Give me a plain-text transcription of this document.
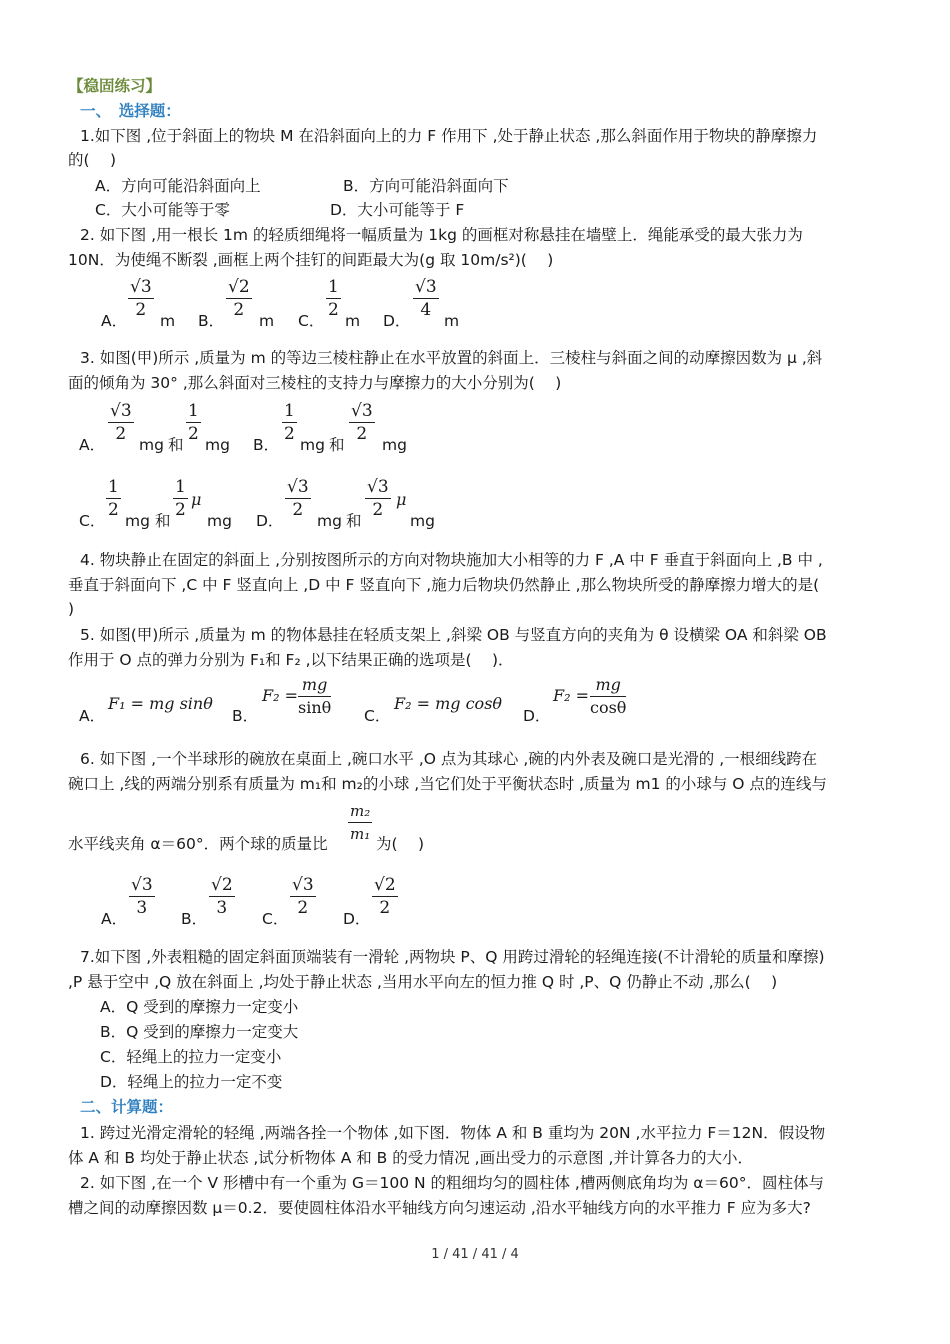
【稳固练习】
一、　选择题：
1.如下图 ,位于斜面上的物块 M 在沿斜面向上的力 F 作用下 ,处于静止状态 ,那么斜面作用于物块的静摩擦力
的(　 )
A．方向可能沿斜面向上	B．方向可能沿斜面向下
C．大小可能等于零	D．大小可能等于 F
2. 如下图 ,用一根长 1m 的轻质细绳将一幅质量为 1kg 的画框对称悬挂在墙壁上．绳能承受的最大张力为
10N．为使绳不断裂 ,画框上两个挂钉的间距最大为(g 取 10m/s²)(　 )
A． $\frac{√3}{2}$ m B． $\frac{√2}{2}$ m C． $\frac{1}{2}$ m D． $\frac{√3}{4}$ m
3. 如图(甲)所示 ,质量为 m 的等边三棱柱静止在水平放置的斜面上．三棱柱与斜面之间的动摩擦因数为 μ ,斜
面的倾角为 30° ,那么斜面对三棱柱的支持力与摩擦力的大小分别为(　 )
A． $\frac{√3}{2}$ mg 和 $\frac{1}{2}$ mg B． $\frac{1}{2}$ mg 和 $\frac{√3}{2}$ mg
C． $\frac{1}{2}$ mg 和 $\frac{1}{2}$ μ
mg D． $\frac{√3}{2}$ mg 和 $\frac{√3}{2}$ μ
mg
4. 物块静止在固定的斜面上 ,分别按图所示的方向对物块施加大小相等的力 F ,A 中 F 垂直于斜面向上 ,B 中 ,
垂直于斜面向下 ,C 中 F 竖直向上 ,D 中 F 竖直向下 ,施力后物块仍然静止 ,那么物块所受的静摩擦力增大的是(
)
5. 如图(甲)所示 ,质量为 m 的物体悬挂在轻质支架上 ,斜梁 OB 与竖直方向的夹角为 θ 设横梁 OA 和斜梁 OB
作用于 O 点的弹力分别为 F₁和 F₂ ,以下结果正确的选项是(　 )．
A．
F₁ = mg sinθ
B．
$F_2 = \frac{mg}{\sin\theta}$ C．
F₂ = mg cosθ
D．
$F_2 = \frac{mg}{\cos\theta}$
6. 如下图 ,一个半球形的碗放在桌面上 ,碗口水平 ,O 点为其球心 ,碗的内外表及碗口是光滑的 ,一根细线跨在
碗口上 ,线的两端分别系有质量为 m₁和 m₂的小球 ,当它们处于平衡状态时 ,质量为 m1 的小球与 O 点的连线与
水平线夹角 α＝60°．两个球的质量比 $\frac{\text{m₂}}{\text{m₁}}$ 为(　 )
A． $\frac{√3}{3}$ B． $\frac{√2}{3}$ C． $\frac{√3}{2}$ D． $\frac{√2}{2}$
7.如下图 ,外表粗糙的固定斜面顶端装有一滑轮 ,两物块 P、Q 用跨过滑轮的轻绳连接(不计滑轮的质量和摩擦)
,P 悬于空中 ,Q 放在斜面上 ,均处于静止状态 ,当用水平向左的恒力推 Q 时 ,P、Q 仍静止不动 ,那么(　 )
A．Q 受到的摩擦力一定变小
B．Q 受到的摩擦力一定变大
C．轻绳上的拉力一定变小
D．轻绳上的拉力一定不变
二、计算题：
1. 跨过光滑定滑轮的轻绳 ,两端各拴一个物体 ,如下图．物体 A 和 B 重均为 20N ,水平拉力 F＝12N．假设物
体 A 和 B 均处于静止状态 ,试分析物体 A 和 B 的受力情况 ,画出受力的示意图 ,并计算各力的大小．
2. 如下图 ,在一个 V 形槽中有一个重为 G＝100 N 的粗细均匀的圆柱体 ,槽两侧底角均为 α＝60°．圆柱体与
槽之间的动摩擦因数 μ＝0.2．要使圆柱体沿水平轴线方向匀速运动 ,沿水平轴线方向的水平推力 F 应为多大?
1 / 41 / 41 / 4
